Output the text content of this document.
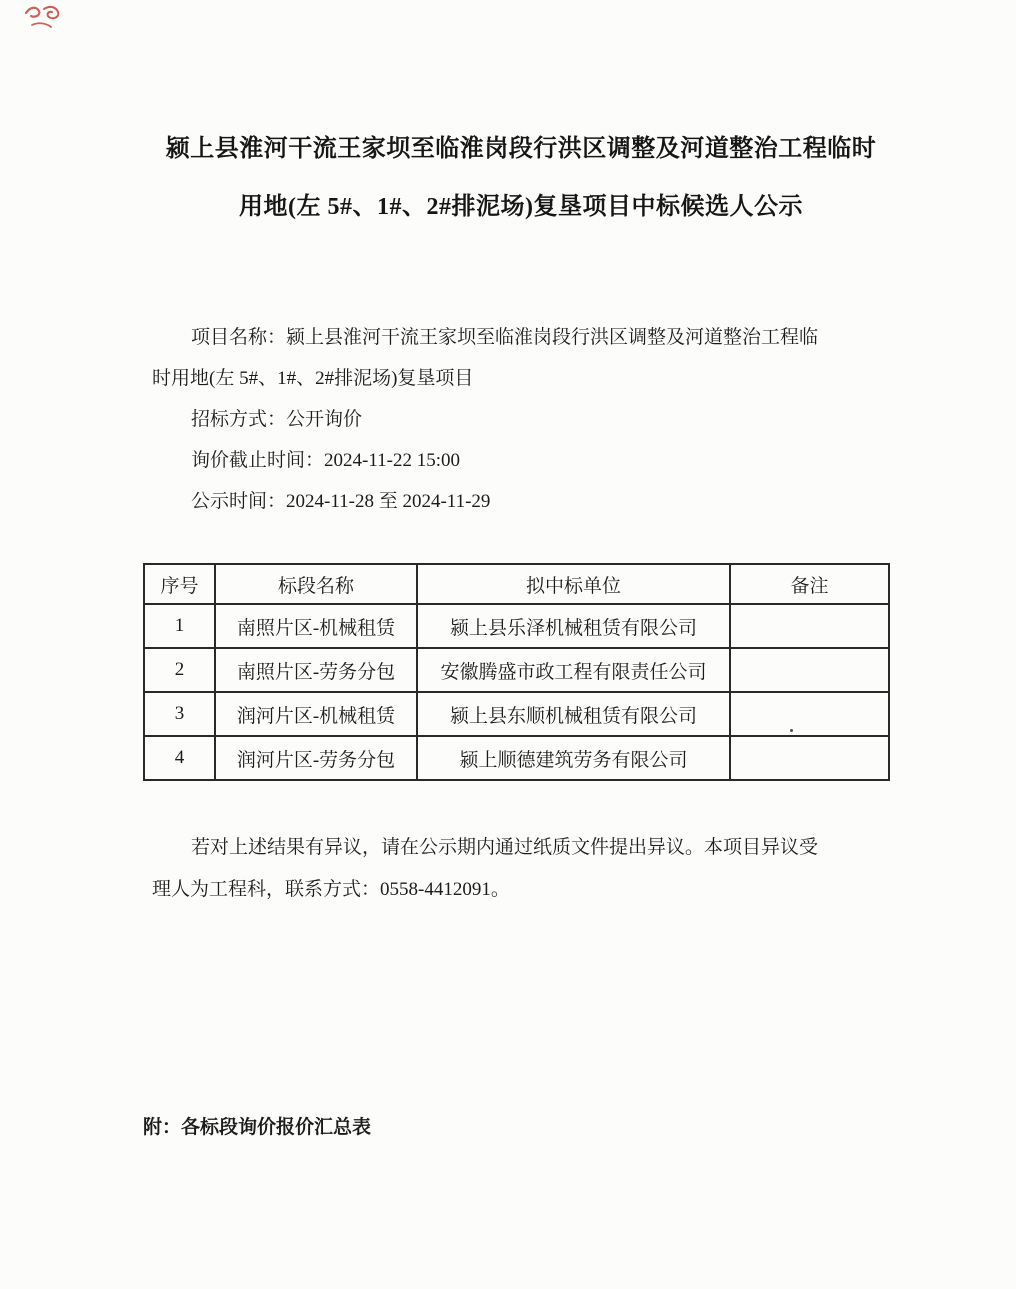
颍上县淮河干流王家坝至临淮岗段行洪区调整及河道整治工程临时
用地(左 5#、1#、2#排泥场)复垦项目中标候选人公示
项目名称：颍上县淮河干流王家坝至临淮岗段行洪区调整及河道整治工程临
时用地(左 5#、1#、2#排泥场)复垦项目
招标方式：公开询价
询价截止时间：2024-11-22 15:00
公示时间：2024-11-28 至 2024-11-29
序号	标段名称	拟中标单位	备注
1	南照片区-机械租赁	颍上县乐泽机械租赁有限公司	
2	南照片区-劳务分包	安徽腾盛市政工程有限责任公司	
3	润河片区-机械租赁	颍上县东顺机械租赁有限公司	
4	润河片区-劳务分包	颍上顺德建筑劳务有限公司	
若对上述结果有异议，请在公示期内通过纸质文件提出异议。本项目异议受
理人为工程科，联系方式：0558-4412091。
附：各标段询价报价汇总表
